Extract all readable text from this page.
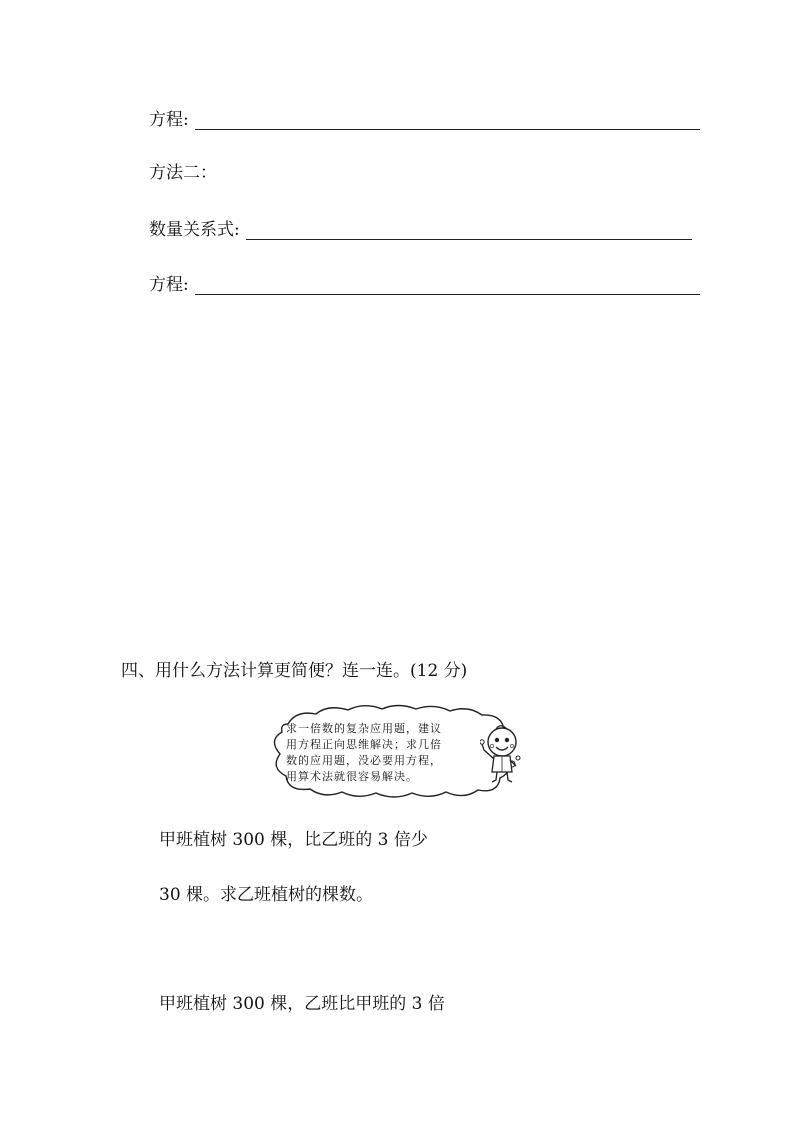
方程:
方法二：
数量关系式:
方程:
四、用什么方法计算更简便？连一连。(12 分)
求一倍数的复杂应用题，建议
用方程正向思维解决；求几倍
数的应用题，没必要用方程，
用算术法就很容易解决。
甲班植树 300 棵，比乙班的 3 倍少
30 棵。求乙班植树的棵数。
甲班植树 300 棵，乙班比甲班的 3 倍
